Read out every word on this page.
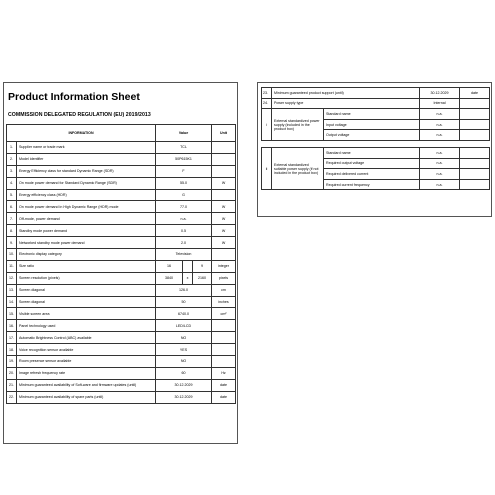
Product Information Sheet
COMMISSION DELEGATED REGULATION (EU) 2019/2013
INFORMATION		Value			Unit
1.	Supplier name or trade mark	TCL			
2.	Model identifier	50P615K1			
3.	Energy Efficiency class for standard Dynamic Range (SDR)	F			
4.	On mode power demand for Standard Dynamic Range (SDR)	55.0			W
5.	Energy efficiency class (HDR)	G			
6.	On mode power demand in High Dynamic Range (HDR) mode	77.0			W
7.	Off-mode, power demand	n.a.			W
8.	Standby mode power demand	0.5			W
9.	Networked standby mode power demand	2.0			W
10.	Electronic display category	Television			
11.	Size ratio	16		9	integer
12.	Screen resolution (pixels)	3840	x	2160	pixels
13.	Screen diagonal	126.0			cm
14.	Screen diagonal	50			inches
15.	Visible screen area	6740.0			cm²
16.	Panel technology used	LED/LCD			
17.	Automatic Brightness Control (ABC) available	NO			
18.	Voice recognition sensor available	YES			
19.	Room presence sensor available	NO			
20.	Image refresh frequency rate	60			Hz
21.	Minimum guaranteed availability of Soft-ware and firmware updates (until)	30.12.2029			date
22.	Minimum guaranteed availability of spare parts (until)	30.12.2029			date
23.	Minimum guaranteed product support (until)		30.12.2029	date
24.	Power supply type		Internal	
i	External standardized power supply (included in the product box)	Standard name	n.a.	
		Input voltage	n.a.	
		Output voltage	n.a.	

ii	External standardized suitable power supply (if not included in the product box)	Standard name	n.a.	
		Required output voltage	n.a.	
		Required delivered current	n.a.	
		Required current frequency	n.a.	
